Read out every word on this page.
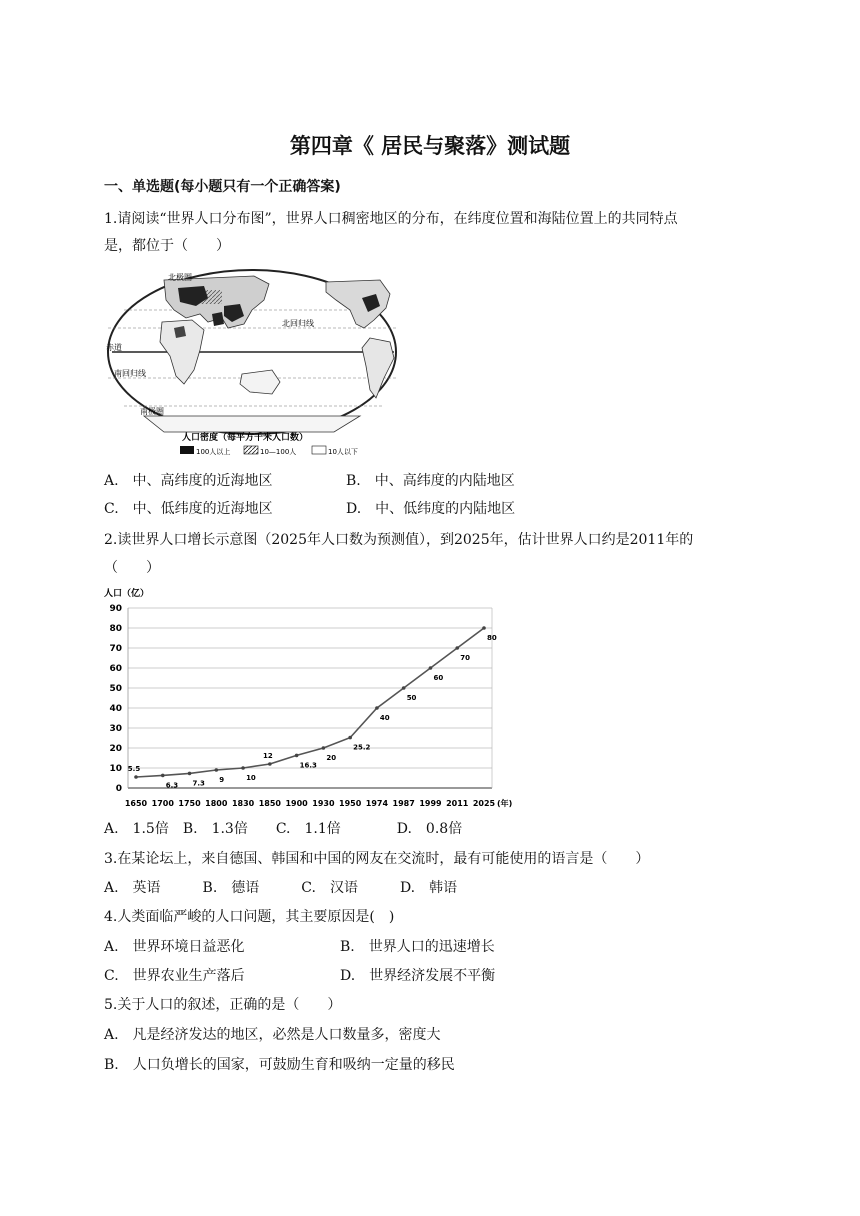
第四章《 居民与聚落》测试题
一、单选题(每小题只有一个正确答案)
1.请阅读“世界人口分布图”，世界人口稠密地区的分布，在纬度位置和海陆位置上的共同特点
是，都位于（　　）
北极圈
北回归线
赤道
南回归线
南极圈
人口密度（每平方千米人口数）
100人以上	10—100人	10人以下
A.　中、高纬度的近海地区	B.　中、高纬度的内陆地区
C.　中、低纬度的近海地区	D.　中、低纬度的内陆地区
2.读世界人口增长示意图（2025年人口数为预测值），到2025年，估计世界人口约是2011年的
（　　）
人口（亿）
0
10
20
30
40
50
60
70
80
90
1650 1700 1750 1800 1830 1850 1900 1930 1950 1974 1987 1999 2011 2025
5.5
6.3 7.3 9	10
12
16.3
20
25.2
40
50
60
70
80
(年)
A.　1.5倍　B.　1.3倍　　C.　1.1倍　　　　D.　0.8倍
3.在某论坛上，来自德国、韩国和中国的网友在交流时，最有可能使用的语言是（　　）
A.　英语　　　B.　德语　　　C.　汉语　　　D.　韩语
4.人类面临严峻的人口问题，其主要原因是(　)
A.　世界环境日益恶化	B.　世界人口的迅速增长
C.　世界农业生产落后	D.　世界经济发展不平衡
5.关于人口的叙述，正确的是（　　）
A.　凡是经济发达的地区，必然是人口数量多，密度大
B.　人口负增长的国家，可鼓励生育和吸纳一定量的移民
